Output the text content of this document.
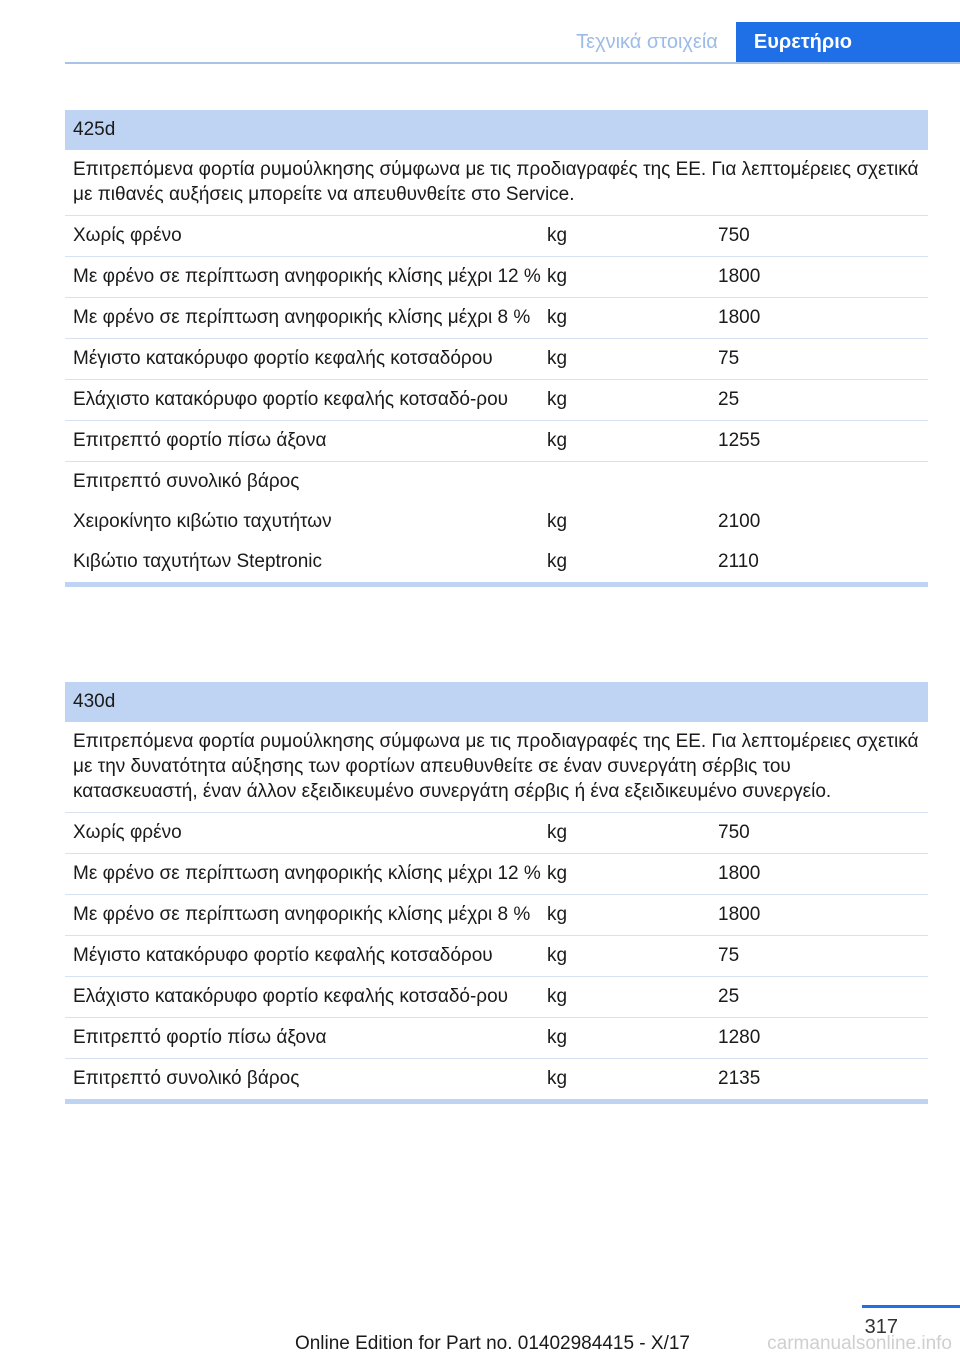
Τεχνικά στοιχεία	Ευρετήριο
425d
Επιτρεπόμενα φορτία ρυμούλκησης σύμφωνα με τις προδιαγραφές της ΕΕ. Για λεπτομέρειες σχετικά με πιθανές αυξήσεις μπορείτε να απευθυνθείτε στο Service.
Χωρίς φρένο	kg	750
Με φρένο σε περίπτωση ανηφορικής κλίσης μέχρι 12 % kg	1800
Με φρένο σε περίπτωση ανηφορικής κλίσης μέχρι 8 % kg	1800
Μέγιστο κατακόρυφο φορτίο κεφαλής κοτσαδόρου	kg	75
Ελάχιστο κατακόρυφο φορτίο κεφαλής κοτσαδό-ρου	kg	25
Επιτρεπτό φορτίο πίσω άξονα	kg	1255
Επιτρεπτό συνολικό βάρος
Χειροκίνητο κιβώτιο ταχυτήτων	kg	2100
Κιβώτιο ταχυτήτων Steptronic	kg	2110
430d
Επιτρεπόμενα φορτία ρυμούλκησης σύμφωνα με τις προδιαγραφές της ΕΕ. Για λεπτομέρειες σχετικά με την δυνατότητα αύξησης των φορτίων απευθυνθείτε σε έναν συνεργάτη σέρβις του κατασκευαστή, έναν άλλον εξειδικευμένο συνεργάτη σέρβις ή ένα εξειδικευμένο συνεργείο.
Χωρίς φρένο	kg	750
Με φρένο σε περίπτωση ανηφορικής κλίσης μέχρι 12 % kg	1800
Με φρένο σε περίπτωση ανηφορικής κλίσης μέχρι 8 % kg	1800
Μέγιστο κατακόρυφο φορτίο κεφαλής κοτσαδόρου	kg	75
Ελάχιστο κατακόρυφο φορτίο κεφαλής κοτσαδό-ρου	kg	25
Επιτρεπτό φορτίο πίσω άξονα	kg	1280
Επιτρεπτό συνολικό βάρος	kg	2135
317
Online Edition for Part no. 01402984415 - X/17	carmanualsonline.info
